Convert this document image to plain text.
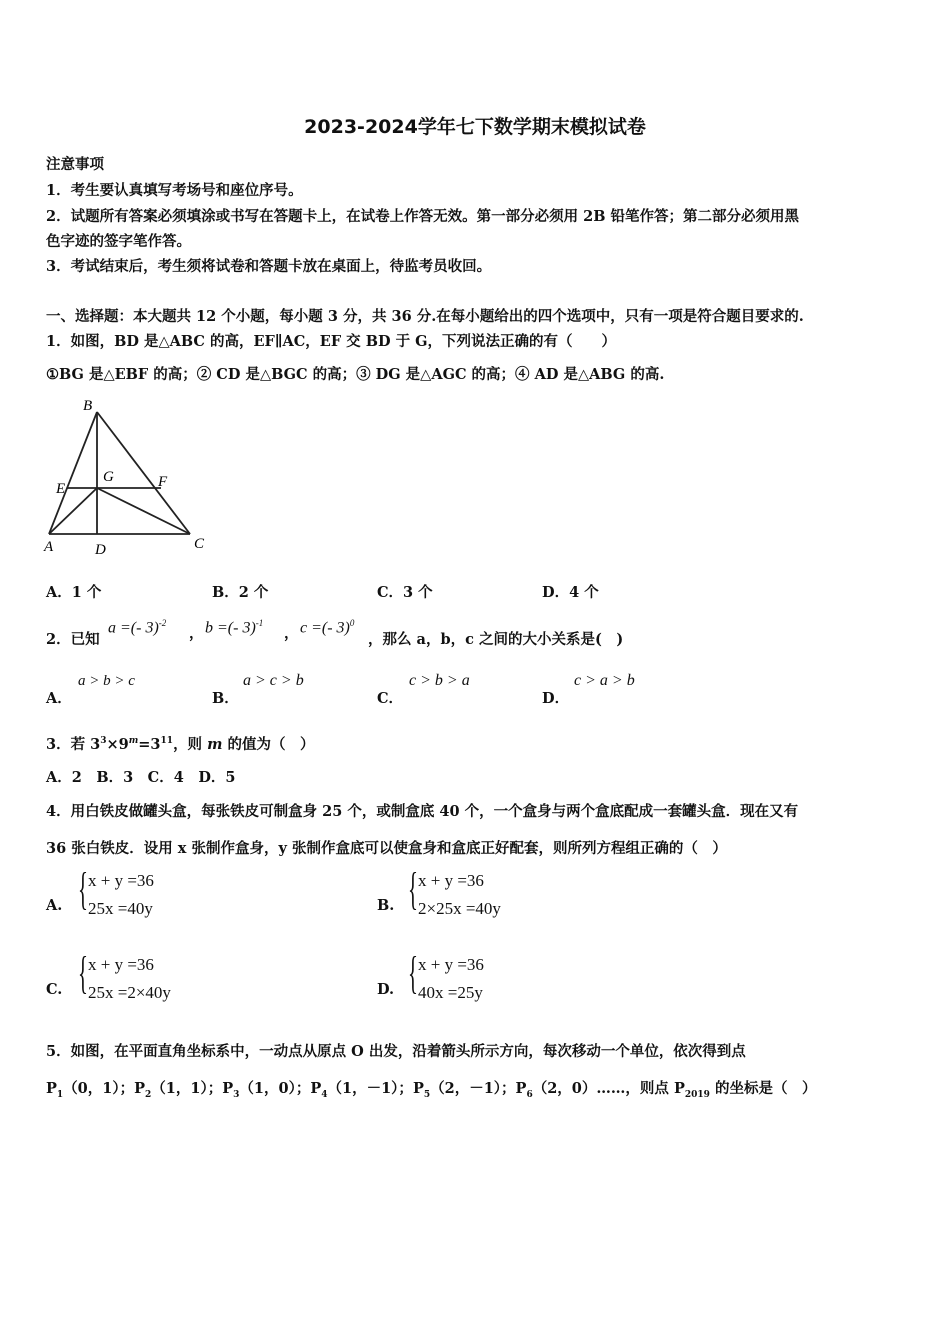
2023-2024学年七下数学期末模拟试卷
注意事项
1．考生要认真填写考场号和座位序号。
2．试题所有答案必须填涂或书写在答题卡上，在试卷上作答无效。第一部分必须用 2B 铅笔作答；第二部分必须用黑
色字迹的签字笔作答。
3．考试结束后，考生须将试卷和答题卡放在桌面上，待监考员收回。
一、选择题：本大题共 12 个小题，每小题 3 分，共 36 分.在每小题给出的四个选项中，只有一项是符合题目要求的.
1．如图，BD 是△ABC 的高，EF∥AC，EF 交 BD 于 G，下列说法正确的有（　　）
①BG 是△EBF 的高；② CD 是△BGC 的高；③ DG 是△AGC 的高；④ AD 是△ABG 的高.
B
E
G	F
A	D	C
A．1 个	B．2 个	C．3 个	D．4 个
2．已知
a =(- 3)$^{-2}$
， b =(- 3)$^{-1}$
， c =(- 3)$^0$
，那么 a，b，c 之间的大小关系是(　)
A．
a > b > c
B．
a > c > b
C．
c > b > a
D．
c > a > b
3．若 $3^3\times 9^m=3^{11}$，则 m 的值为（　）
A．2　B．3　C．4　D．5
4．用白铁皮做罐头盒，每张铁皮可制盒身 25 个，或制盒底 40 个，一个盒身与两个盒底配成一套罐头盒．现在又有
36 张白铁皮．设用 x 张制作盒身，y 张制作盒底可以使盒身和盒底正好配套，则所列方程组正确的（　）
A. { x + y =36
25x =40y	B. { x + y =36
2×25x =40y
C. { x + y =36
25x =2×40y	D. { x + y =36
40x =25y
5．如图，在平面直角坐标系中，一动点从原点 O 出发，沿着箭头所示方向，每次移动一个单位，依次得到点
$P_1(0$，1）；$P_2(1$，1）；$P_3(1$，0）；$P_4(1$，－1）；$P_5(2$，－1）；$P_6(2$，0）……，则点 $P_{2019}$ 的坐标是（　）
